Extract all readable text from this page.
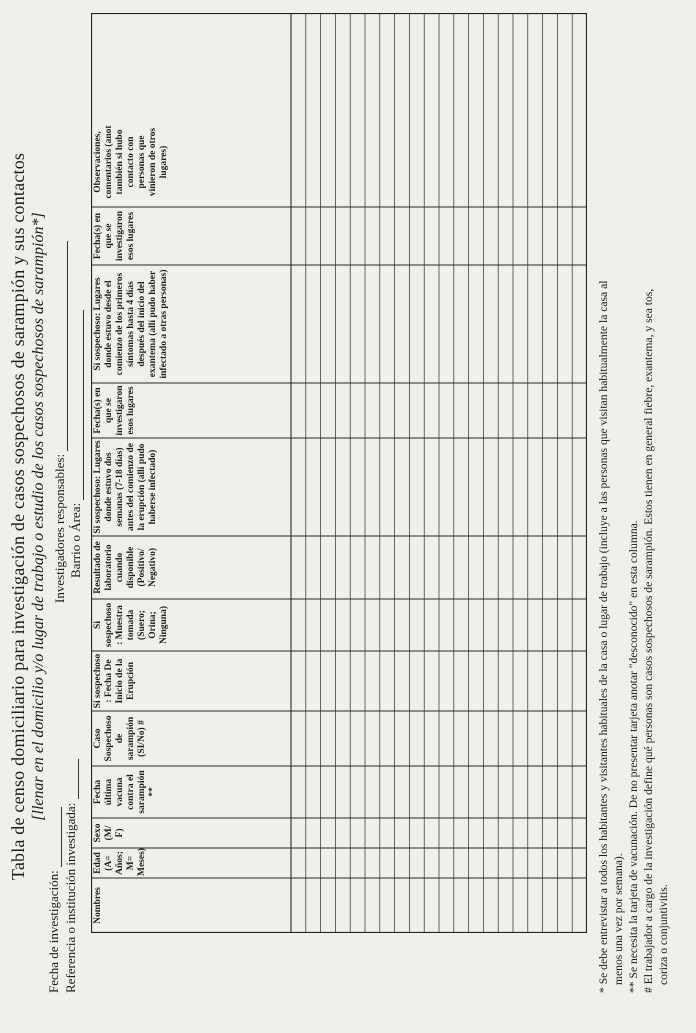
Tabla de censo domiciliario para investigación de casos sospechosos de sarampión y sus contactos [llenar en el domicilio y/o lugar de trabajo o estudio de los casos sospechosos de sarampión*]
Fecha de investigación: Referencia o institución investigada:
Investigadores responsables: Barrio o Área:
Nombres
Edad (A= Años; M= Meses)
Sexo (M/ F)
Fecha última vacuna contra el sarampión **
Caso Sospechoso de sarampión (SI/No) #
Si sospechoso : Fecha De Inicio de la Erupción
Si sospechoso : Muestra tomada (Suero; Orina; Ninguna)
Resultado de laboratorio cuando disponible (Positivo/ Negativo)
Si sospechoso: Lugares donde estuvo dos semanas (7-18 días) antes del comienzo de la erupción (allí pudo haberse infectado)
Fecha(s) en que se investigaron esos lugares
Si sospechoso: Lugares donde estuvo desde el comienzo de los primeros síntomas hasta 4 días después del inicio del exantema (allí pudo haber infectado a otras personas)
Fecha(s) en que se investigaron esos lugares
Observaciones, comentarios (anot también si hubo contacto con personas que vinieron de otros lugares)
* Se debe entrevistar a todos los habitantes y visitantes habituales de la casa o lugar de trabajo (incluye a las personas que visitan habitualmente la casa al menos una vez por semana). ** Se necesita la tarjeta de vacunación. De no presentar tarjeta anotar "desconocido" en esta columna. # El trabajador a cargo de la investigación define qué personas son casos sospechosos de sarampión. Estos tienen en general fiebre, exantema, y sea tos, coriza o conjuntivitis.
